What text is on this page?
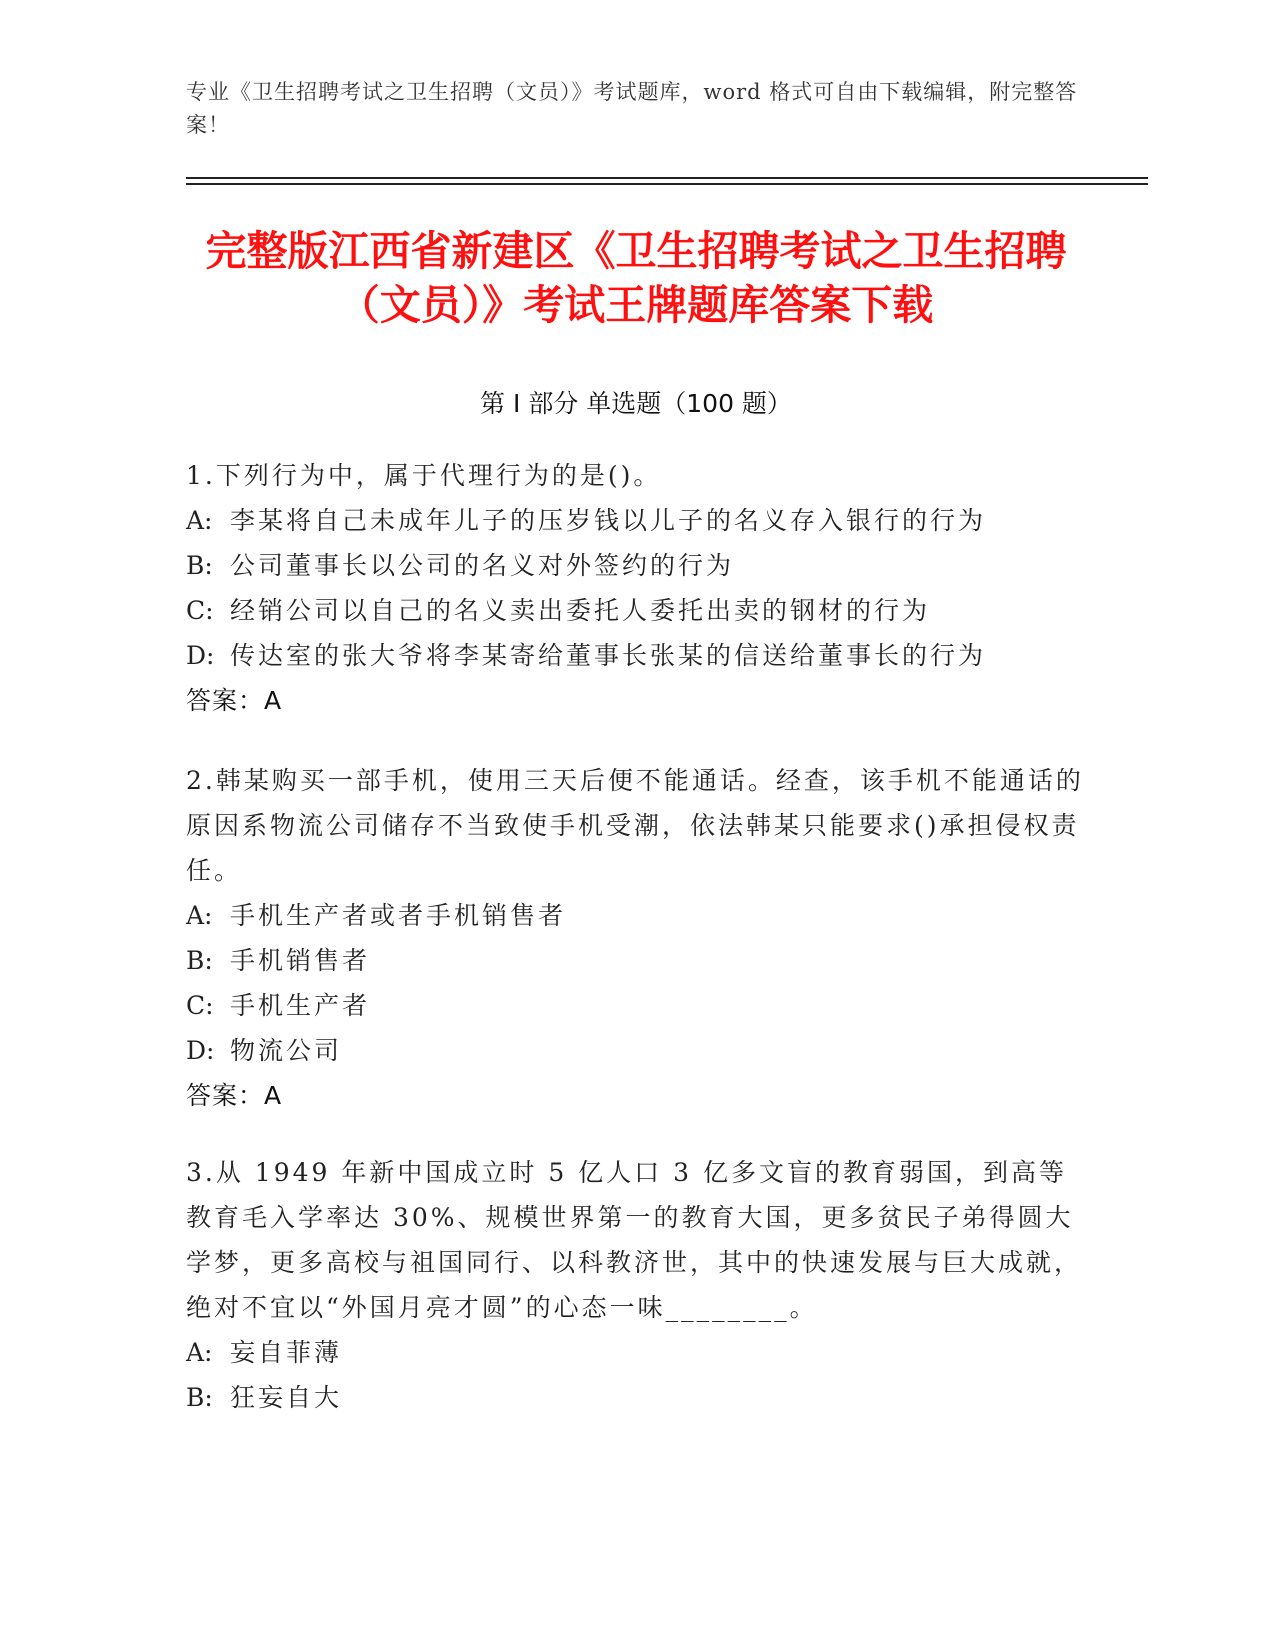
专业《卫生招聘考试之卫生招聘（文员）》考试题库，word 格式可自由下载编辑，附完整答案！
完整版江西省新建区《卫生招聘考试之卫生招聘（文员）》考试王牌题库答案下载
第 I 部分 单选题（100 题）
1.下列行为中，属于代理行为的是()。
A: 李某将自己未成年儿子的压岁钱以儿子的名义存入银行的行为
B: 公司董事长以公司的名义对外签约的行为
C: 经销公司以自己的名义卖出委托人委托出卖的钢材的行为
D: 传达室的张大爷将李某寄给董事长张某的信送给董事长的行为
答案：A
2.韩某购买一部手机，使用三天后便不能通话。经查，该手机不能通话的原因系物流公司储存不当致使手机受潮，依法韩某只能要求()承担侵权责任。
A: 手机生产者或者手机销售者
B: 手机销售者
C: 手机生产者
D: 物流公司
答案：A
3.从 1949 年新中国成立时 5 亿人口 3 亿多文盲的教育弱国，到高等教育毛入学率达 30%、规模世界第一的教育大国，更多贫民子弟得圆大学梦，更多高校与祖国同行、以科教济世，其中的快速发展与巨大成就，绝对不宜以“外国月亮才圆”的心态一味________。
A: 妄自菲薄
B: 狂妄自大
